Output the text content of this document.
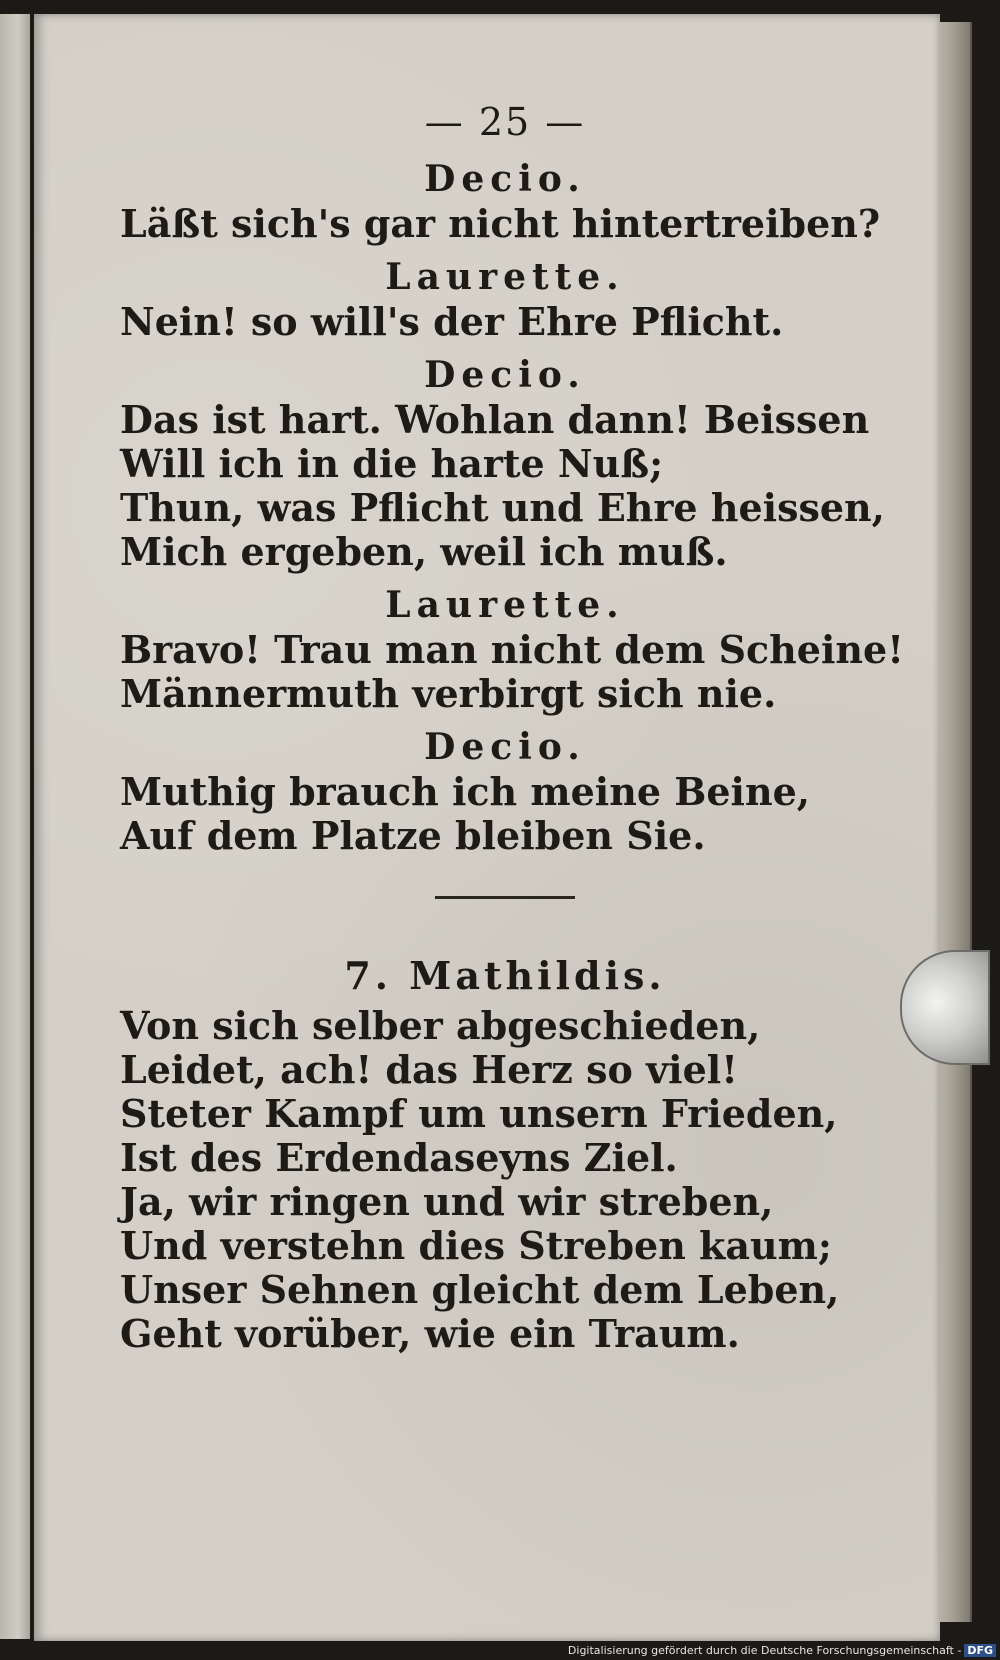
— 25 —
Decio.
Läßt sich's gar nicht hintertreiben?
Laurette.
Nein! so will's der Ehre Pflicht.
Decio.
Das ist hart. Wohlan dann! Beissen
Will ich in die harte Nuß;
Thun, was Pflicht und Ehre heissen,
Mich ergeben, weil ich muß.
Laurette.
Bravo! Trau man nicht dem Scheine!
Männermuth verbirgt sich nie.
Decio.
Muthig brauch ich meine Beine,
Auf dem Platze bleiben Sie.
7. Mathildis.
Von sich selber abgeschieden,
Leidet, ach! das Herz so viel!
Steter Kampf um unsern Frieden,
Ist des Erdendaseyns Ziel.
Ja, wir ringen und wir streben,
Und verstehn dies Streben kaum;
Unser Sehnen gleicht dem Leben,
Geht vorüber, wie ein Traum.
Digitalisierung gefördert durch die Deutsche Forschungsgemeinschaft - DFG
